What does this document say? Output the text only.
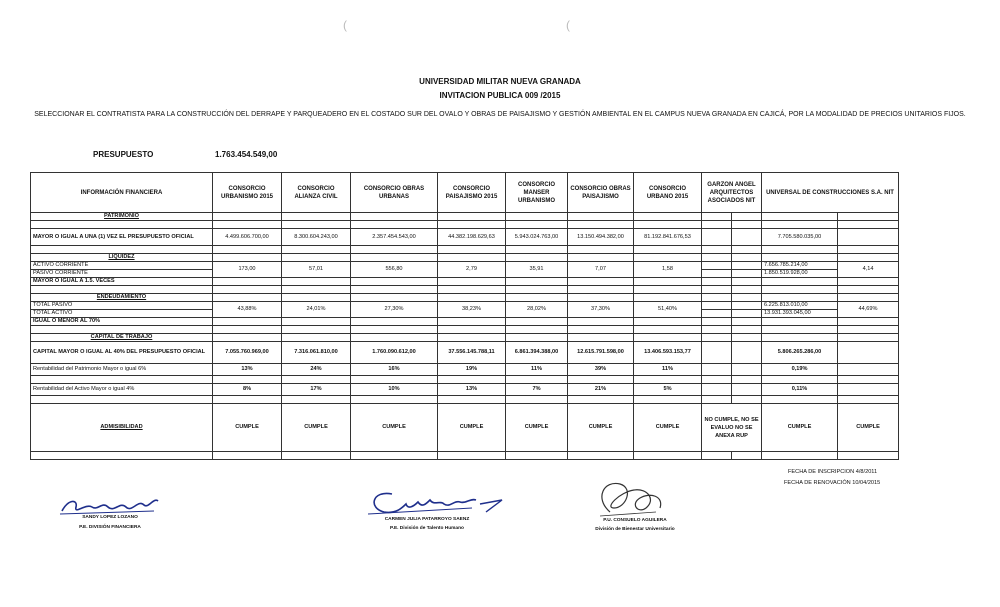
(	(
UNIVERSIDAD MILITAR NUEVA GRANADA
INVITACION PUBLICA 009 /2015
SELECCIONAR EL CONTRATISTA PARA LA CONSTRUCCIÓN DEL DERRAPE Y PARQUEADERO EN EL COSTADO SUR DEL OVALO Y OBRAS DE PAISAJISMO Y GESTIÓN AMBIENTAL EN EL CAMPUS NUEVA GRANADA EN CAJICÁ, POR LA MODALIDAD DE PRECIOS UNITARIOS FIJOS.
PRESUPUESTO	1.763.454.549,00
INFORMACIÓN FINANCIERA	CONSORCIO URBANISMO 2015	CONSORCIO ALIANZA CIVIL	CONSORCIO OBRAS URBANAS	CONSORCIO PAISAJISMO 2015	CONSORCIO MANSER URBANISMO	CONSORCIO OBRAS PAISAJISMO	CONSORCIO URBANO 2015	GARZON ANGEL ARQUITECTOS ASOCIADOS NIT		UNIVERSAL DE CONSTRUCCIONES S.A. NIT	
PATRIMONIO											

MAYOR O IGUAL A UNA (1) VEZ EL PRESUPUESTO OFICIAL	4.499.606.700,00	8.300.604.243,00	2.357.454.543,00	44.382.198.629,63	5.943.024.763,00	13.150.494.382,00	81.192.841.676,53			7.705.580.035,00	

LIQUIDEZ											
ACTIVO CORRIENTE	173,00	57,01	556,80	2,79	35,91	7,07	1,58			7.656.785.214,00	4,14
PASIVO CORRIENTE										1.850.519.928,00	
MAYOR O IGUAL A 1.5. VECES											

ENDEUDAMIENTO											
TOTAL PASIVO	43,88%	24,01%	27,30%	38,23%	28,02%	37,30%	51,40%			6.225.813.010,00	44,69%
TOTAL ACTIVO										13.931.393.045,00	
IGUAL O MENOR AL 70%											

CAPITAL DE TRABAJO											
CAPITAL MAYOR O IGUAL AL 40% DEL PRESUPUESTO OFICIAL	7.055.760.969,00	7.316.061.810,00	1.760.090.612,00	37.556.145.788,11	6.861.394.388,00	12.615.791.598,00	13.406.593.153,77			5.806.265.286,00	
Rentabilidad del Patrimonio Mayor o igual 6%	13%	24%	16%	19%	11%	39%	11%			0,19%	

Rentabilidad del Activo Mayor o igual 4%	8%	17%	10%	13%	7%	21%	5%			0,11%	

ADMISIBILIDAD	CUMPLE	CUMPLE	CUMPLE	CUMPLE	CUMPLE	CUMPLE	CUMPLE	NO CUMPLE, NO SE EVALUO NO SE ANEXA RUP		CUMPLE	CUMPLE

FECHA DE INSCRIPCION 4/8/2011
FECHA DE RENOVACIÓN 10/04/2015
SANDY LOPEZ LOZANO
P.E. DIVISIÓN FINANCIERA
CARMEN JULIA PATARROYO SAENZ
P.E. División de Talento Humano
P.U. CONSUELO AGUILERA
División de Bienestar Universitario
